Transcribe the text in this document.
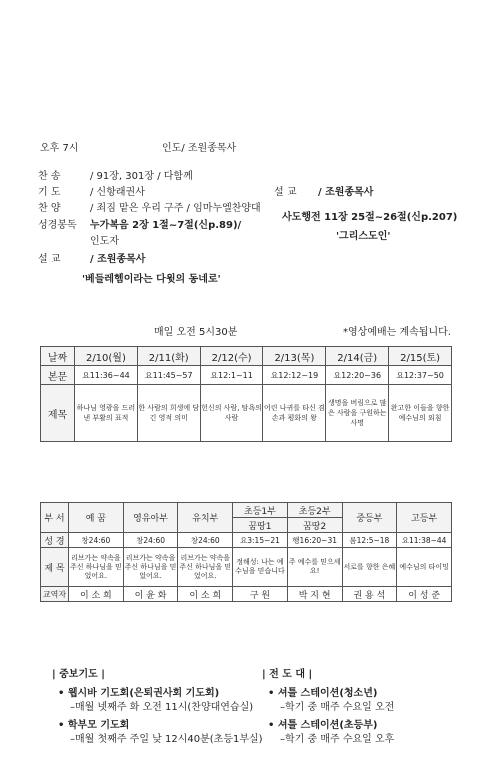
오후 7시	인도/ 조원종목사
찬 송	/ 91장, 301장 / 다함께
기 도	/ 신항래권사
찬 양	/ 죄짐 맡은 우리 구주 / 임마누엘찬양대
성경봉독 누가복음 2장 1절~7절(신p.89)/
인도자
설 교	/ 조원종목사
'베들레헴이라는 다윗의 동네로'
설 교 / 조원종목사
사도행전 11장 25절~26절(신p.207)
'그리스도인'
매일 오전 5시30분	*영상예배는 계속됩니다.
날짜	2/10(월)	2/11(화)	2/12(수)	2/13(목)	2/14(금)	2/15(토)
본문	요11:36~44	요11:45~57	요12:1~11	요12:12~19	요12:20~36	요12:37~50
제목	하나님 영광을 드러낸 부활의 표적	한 사람의 희생에 담긴 영적 의미	헌신의 사람, 탐욕의 사람	어린 나귀를 타신 겸손과 평화의 왕	생명을 버림으로 많은 사람을 구원하는 사명	완고한 이들을 향한 예수님의 외침
부 서	예 꿈	영유아부	유치부	초등1부	초등2부	중등부	고등부
				꿈땅1	꿈땅2		
성 경	창24:60	창24:60	창24:60	요3:15~21	행16:20~31	롬12:5~18	요11:38~44
제 목	리브가는 약속을 주신 하나님을 믿었어요.	리브가는 약속을 주신 하나님을 믿었어요.	리브가는 약속을 주신 하나님을 믿었어요.	정해성: 나는 예수님을 믿습니다	주 예수를 믿으세요!	서로를 향한 은혜	예수님의 타이밍
교역자	이 소 희	이 윤 화	이 소 희	구 원	박 지 현	권 용 석	이 성 준
| 중보기도 |
• 웹시바 기도회(은퇴권사회 기도회)
–매월 넷째주 화 오전 11시(찬양대연습실)
• 학부모 기도회
–매월 첫째주 주일 낮 12시40분(초등1부실)
| 전 도 대 |
• 셔틀 스테이션(청소년)
–학기 중 매주 수요일 오전
• 셔틀 스테이션(초등부)
–학기 중 매주 수요일 오후
